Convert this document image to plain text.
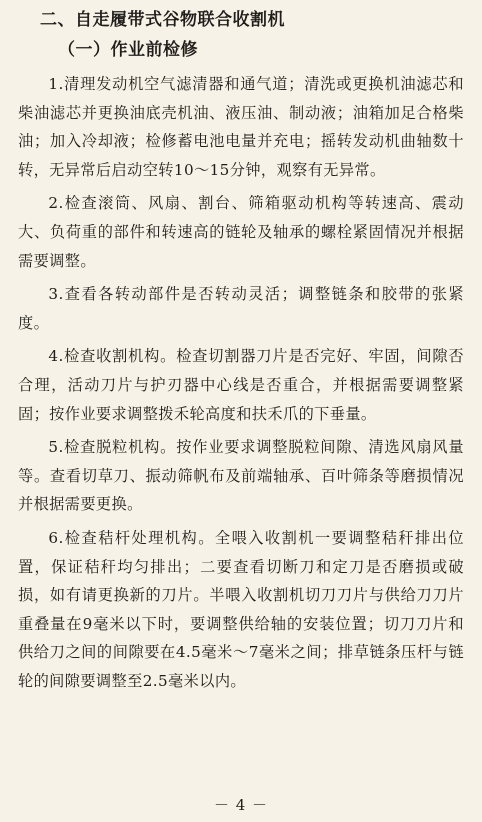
二、自走履带式谷物联合收割机
（一）作业前检修

1.清理发动机空气滤清器和通气道；清洗或更换机油滤芯和柴油滤芯并更换油底壳机油、液压油、制动液；油箱加足合格柴油；加入冷却液；检修蓄电池电量并充电；摇转发动机曲轴数十转，无异常后启动空转10～15分钟，观察有无异常。

2.检查滚筒、风扇、割台、筛箱驱动机构等转速高、震动大、负荷重的部件和转速高的链轮及轴承的螺栓紧固情况并根据需要调整。

3.查看各转动部件是否转动灵活；调整链条和胶带的张紧度。

4.检查收割机构。检查切割器刀片是否完好、牢固，间隙否合理，活动刀片与护刃器中心线是否重合，并根据需要调整紧固；按作业要求调整拨禾轮高度和扶禾爪的下垂量。

5.检查脱粒机构。按作业要求调整脱粒间隙、清选风扇风量等。查看切草刀、振动筛帆布及前端轴承、百叶筛条等磨损情况并根据需要更换。

6.检查秸杆处理机构。全喂入收割机一要调整秸秆排出位置，保证秸秆均匀排出；二要查看切断刀和定刀是否磨损或破损，如有请更换新的刀片。半喂入收割机切刀刀片与供给刀刀片重叠量在9毫米以下时，要调整供给轴的安装位置；切刀刀片和供给刀之间的间隙要在4.5毫米～7毫米之间；排草链条压杆与链轮的间隙要调整至2.5毫米以内。

－ 4 －
